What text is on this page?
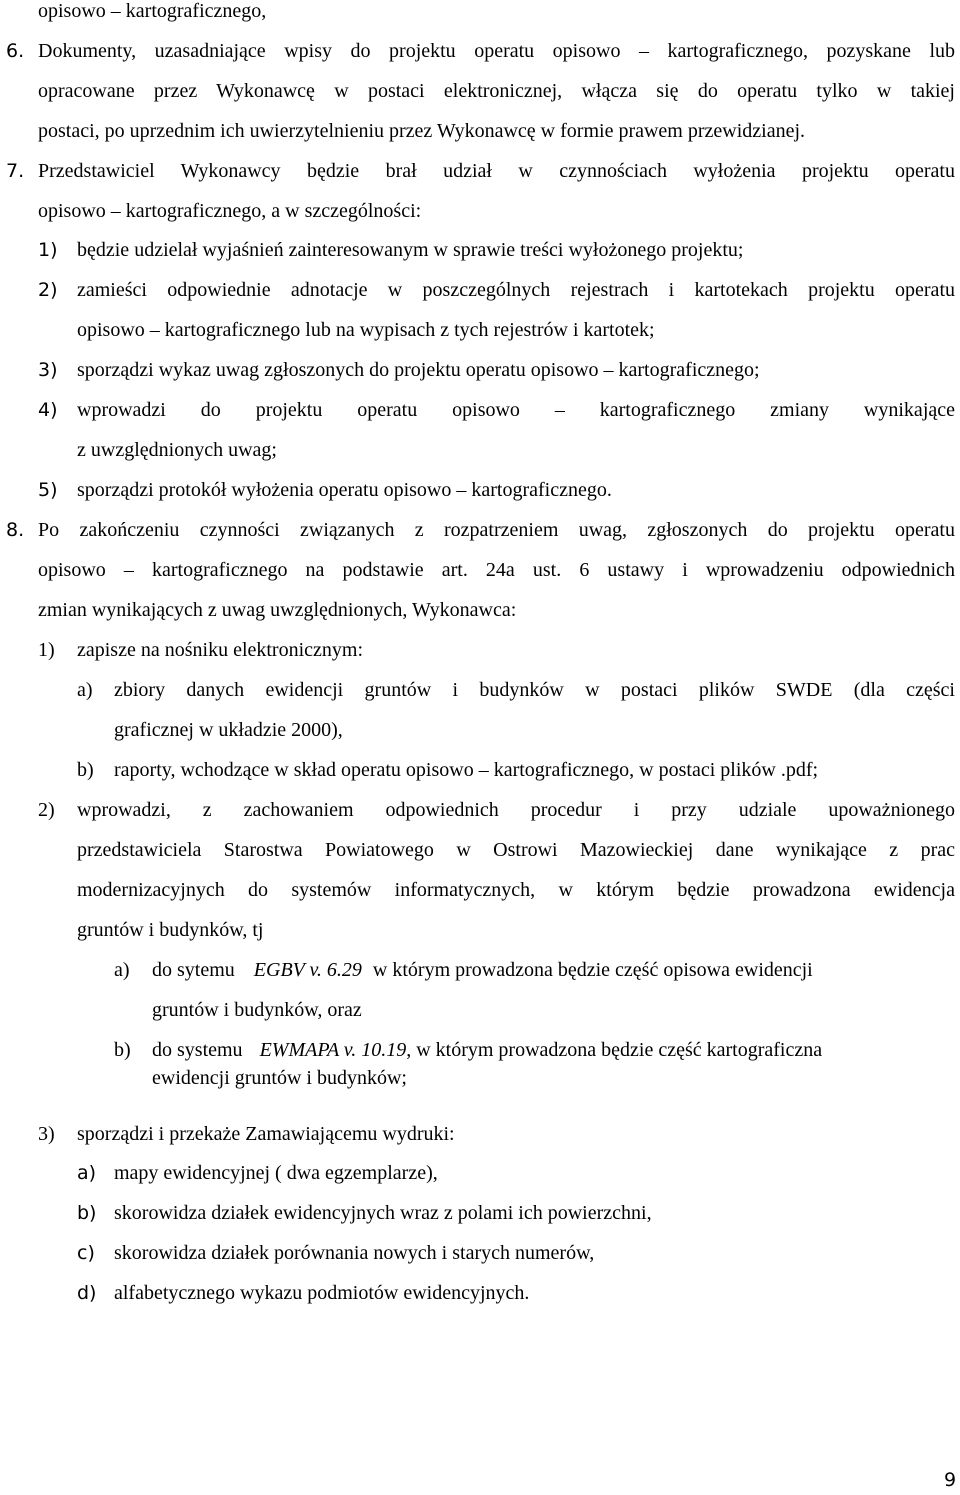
opisowo – kartograficznego,
6. Dokumenty, uzasadniające wpisy do projektu operatu opisowo – kartograficznego, pozyskane lub
opracowane przez Wykonawcę w postaci elektronicznej, włącza się do operatu tylko w takiej
postaci, po uprzednim ich uwierzytelnieniu przez Wykonawcę w formie prawem przewidzianej.
7. Przedstawiciel Wykonawcy będzie brał udział w czynnościach wyłożenia projektu operatu
opisowo – kartograficznego, a w szczególności:
1) będzie udzielał wyjaśnień zainteresowanym w sprawie treści wyłożonego projektu;
2) zamieści odpowiednie adnotacje w poszczególnych rejestrach i kartotekach projektu operatu
opisowo – kartograficznego lub na wypisach z tych rejestrów i kartotek;
3) sporządzi wykaz uwag zgłoszonych do projektu operatu opisowo – kartograficznego;
4) wprowadzi do projektu operatu opisowo – kartograficznego zmiany wynikające
z uwzględnionych uwag;
5) sporządzi protokół wyłożenia operatu opisowo – kartograficznego.
8. Po zakończeniu czynności związanych z rozpatrzeniem uwag, zgłoszonych do projektu operatu
opisowo – kartograficznego na podstawie art. 24a ust. 6 ustawy i wprowadzeniu odpowiednich
zmian wynikających z uwag uwzględnionych, Wykonawca:
1) zapisze na nośniku elektronicznym:
a) zbiory danych ewidencji gruntów i budynków w postaci plików SWDE (dla części
graficznej w układzie 2000),
b) raporty, wchodzące w skład operatu opisowo – kartograficznego, w postaci plików .pdf;
2) wprowadzi, z zachowaniem odpowiednich procedur i przy udziale upoważnionego
przedstawiciela Starostwa Powiatowego w Ostrowi Mazowieckiej dane wynikające z prac
modernizacyjnych do systemów informatycznych, w którym będzie prowadzona ewidencja
gruntów i budynków, tj
a) do sytemu EGBV v. 6.29 w którym prowadzona będzie część opisowa ewidencji
gruntów i budynków, oraz
b) do systemu EWMAPA v. 10.19, w którym prowadzona będzie część kartograficzna
ewidencji gruntów i budynków;
3) sporządzi i przekaże Zamawiającemu wydruki:
a) mapy ewidencyjnej ( dwa egzemplarze),
b) skorowidza działek ewidencyjnych wraz z polami ich powierzchni,
c) skorowidza działek porównania nowych i starych numerów,
d) alfabetycznego wykazu podmiotów ewidencyjnych.
9
